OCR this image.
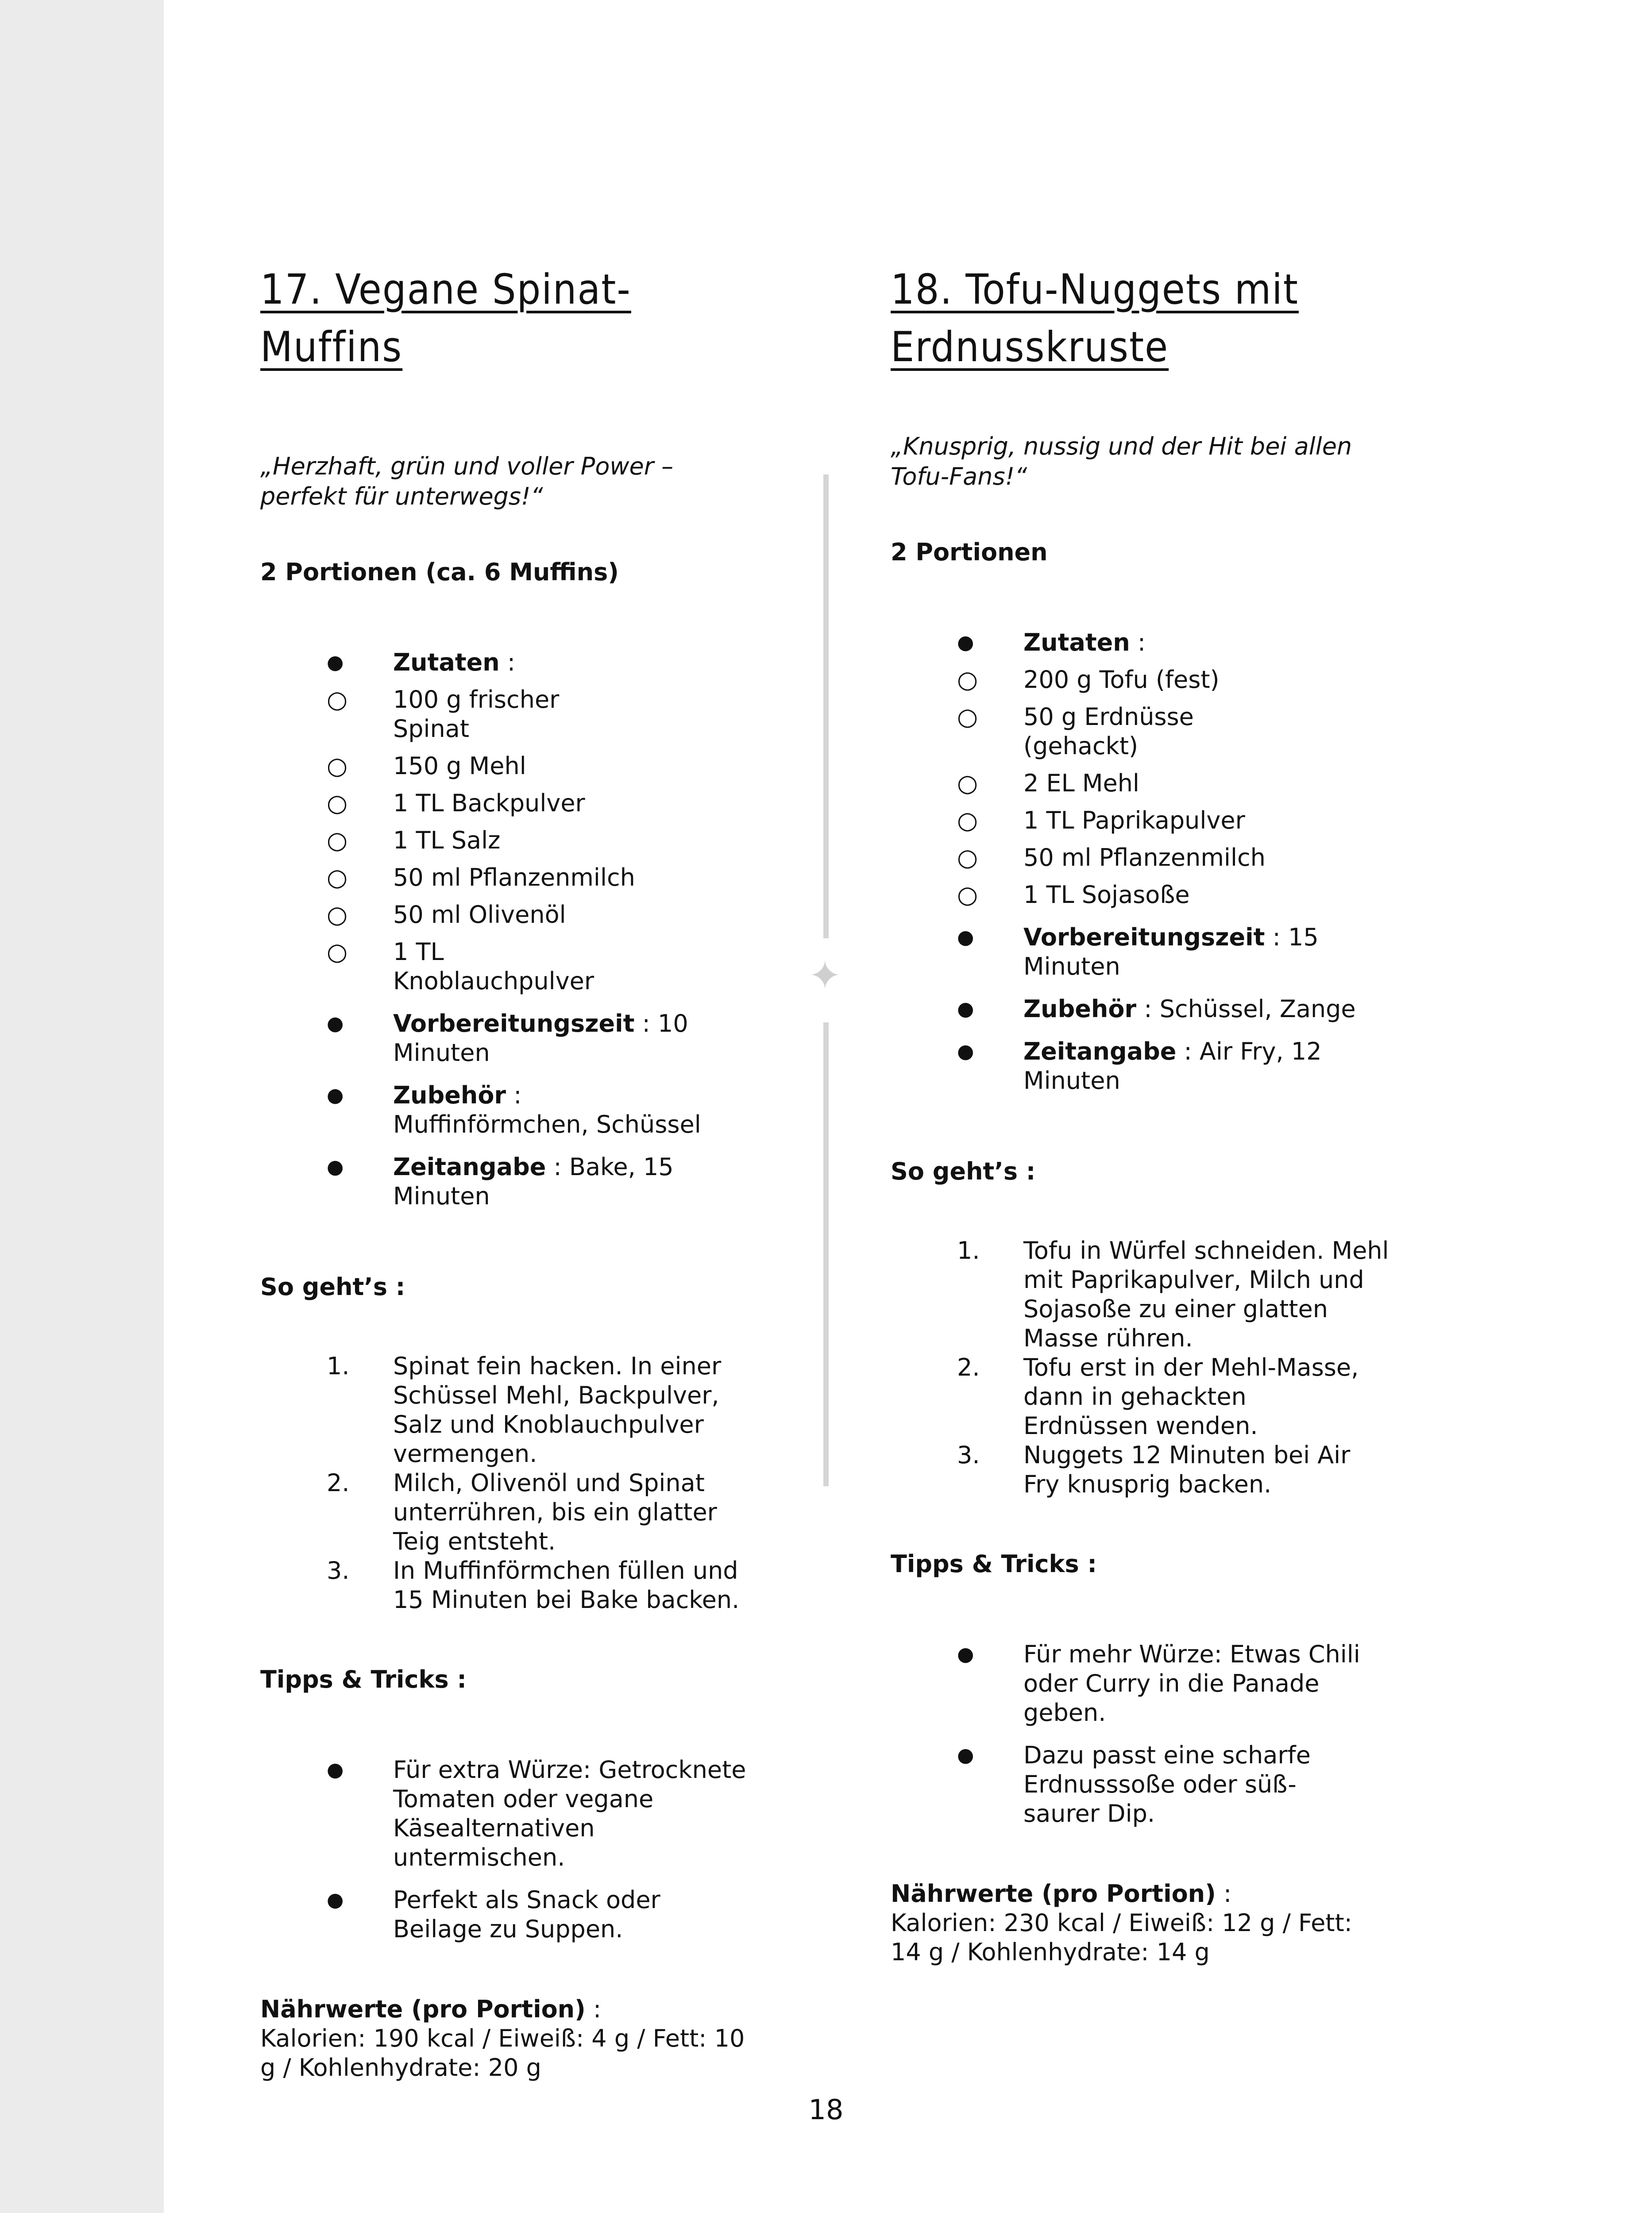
17. Vegane Spinat-Muffins

„Herzhaft, grün und voller Power – perfekt für unterwegs!“

2 Portionen (ca. 6 Muffins)

● Zutaten :
○ 100 g frischer Spinat
○ 150 g Mehl
○ 1 TL Backpulver
○ 1 TL Salz
○ 50 ml Pflanzenmilch
○ 50 ml Olivenöl
○ 1 TL Knoblauchpulver
● Vorbereitungszeit : 10 Minuten
● Zubehör : Muffinförmchen, Schüssel
● Zeitangabe : Bake, 15 Minuten

So geht’s :

1. Spinat fein hacken. In einer Schüssel Mehl, Backpulver, Salz und Knoblauchpulver vermengen.
2. Milch, Olivenöl und Spinat unterrühren, bis ein glatter Teig entsteht.
3. In Muffinförmchen füllen und 15 Minuten bei Bake backen.

Tipps & Tricks :

● Für extra Würze: Getrocknete Tomaten oder vegane Käsealternativen untermischen.
● Perfekt als Snack oder Beilage zu Suppen.

Nährwerte (pro Portion) :

Kalorien: 190 kcal / Eiweiß: 4 g / Fett: 10 g / Kohlenhydrate: 20 g

✦
18. Tofu-Nuggets mit Erdnusskruste

„Knusprig, nussig und der Hit bei allen Tofu-Fans!“

2 Portionen

● Zutaten :
○ 200 g Tofu (fest)
○ 50 g Erdnüsse (gehackt)
○ 2 EL Mehl
○ 1 TL Paprikapulver
○ 50 ml Pflanzenmilch
○ 1 TL Sojasoße
● Vorbereitungszeit : 15 Minuten
● Zubehör : Schüssel, Zange
● Zeitangabe : Air Fry, 12 Minuten

So geht’s :

1. Tofu in Würfel schneiden. Mehl mit Paprikapulver, Milch und Sojasoße zu einer glatten Masse rühren.
2. Tofu erst in der Mehl-Masse, dann in gehackten Erdnüssen wenden.
3. Nuggets 12 Minuten bei Air Fry knusprig backen.

Tipps & Tricks :

● Für mehr Würze: Etwas Chili oder Curry in die Panade geben.
● Dazu passt eine scharfe Erdnusssoße oder süß-saurer Dip.

Nährwerte (pro Portion) :

Kalorien: 230 kcal / Eiweiß: 12 g / Fett: 14 g / Kohlenhydrate: 14 g

18
